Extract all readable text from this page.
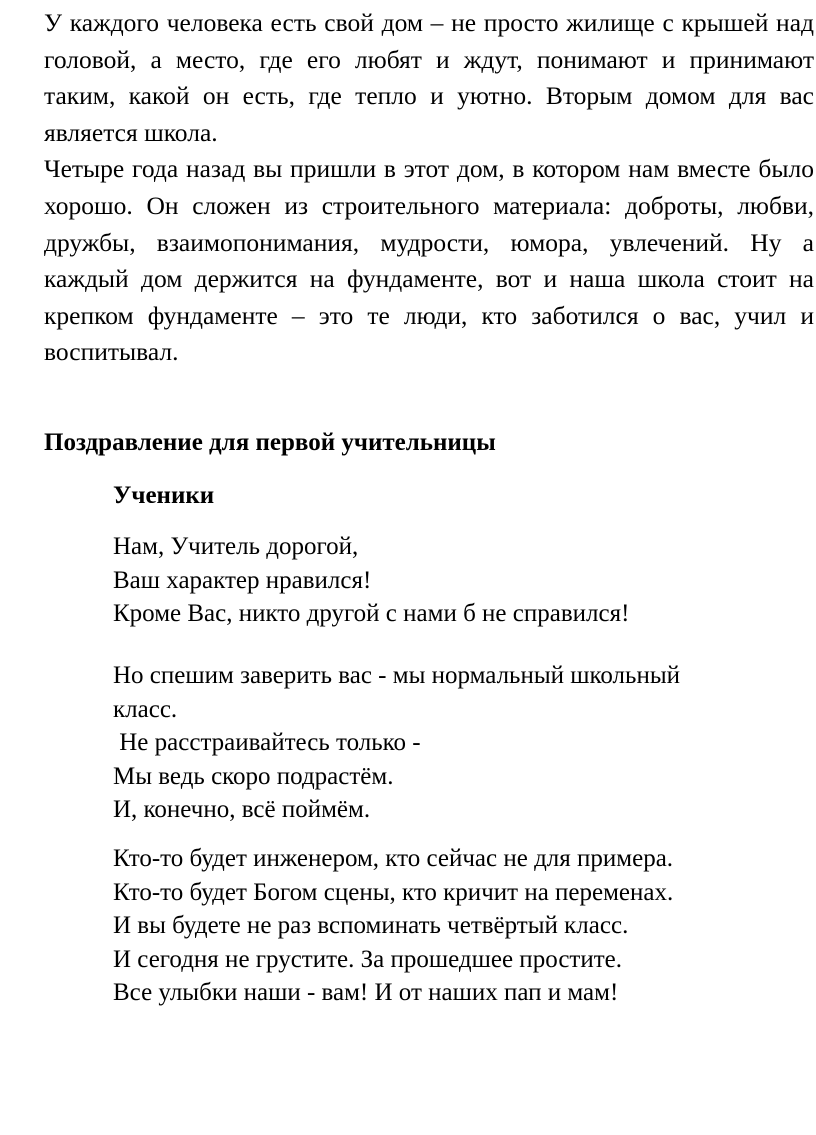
У каждого человека есть свой дом – не просто жилище с крышей над головой, а место, где его любят и ждут, понимают и принимают таким, какой он есть, где тепло и уютно. Вторым домом для вас является школа.

Четыре года назад вы пришли в этот дом, в котором нам вместе было хорошо. Он сложен из строительного материала: доброты, любви, дружбы, взаимопонимания, мудрости, юмора, увлечений. Ну а каждый дом держится на фундаменте, вот и наша школа стоит на крепком фундаменте – это те люди, кто заботился о вас, учил и воспитывал.

Поздравление для первой учительницы
Ученики
Нам, Учитель дорогой,
Ваш характер нравился!
Кроме Вас, никто другой с нами б не справился!
Но спешим заверить вас - мы нормальный школьный
класс.
Не расстраивайтесь только -
Мы ведь скоро подрастём.
И, конечно, всё поймём.
Кто-то будет инженером, кто сейчас не для примера.
Кто-то будет Богом сцены, кто кричит на переменах.
И вы будете не раз вспоминать четвёртый класс.
И сегодня не грустите. За прошедшее простите.
Все улыбки наши - вам! И от наших пап и мам!
